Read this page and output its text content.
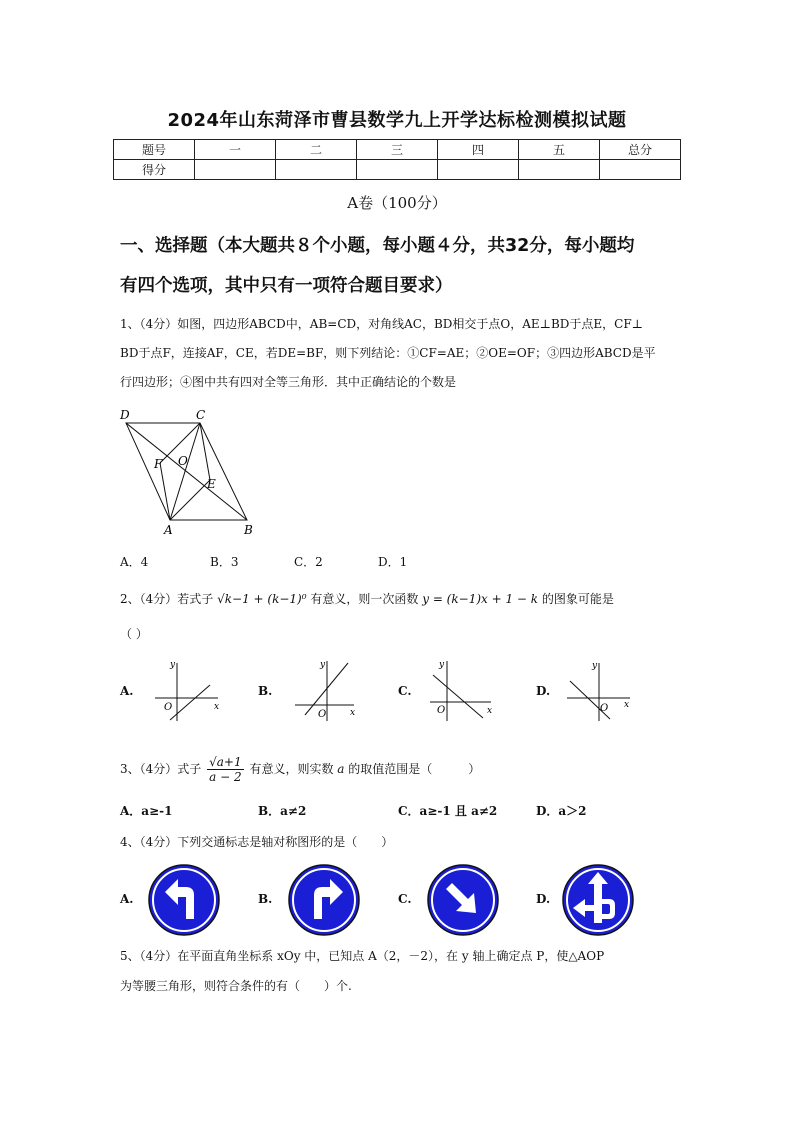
2024年山东菏泽市曹县数学九上开学达标检测模拟试题
题号	一	二	三	四	五	总分
得分						
A卷（100分）
一、选择题（本大题共８个小题，每小题４分，共32分，每小题均
有四个选项，其中只有一项符合题目要求）
1、（4分）如图，四边形ABCD中，AB=CD，对角线AC，BD相交于点O，AE⊥BD于点E，CF⊥
BD于点F，连接AF，CE，若DE=BF，则下列结论：①CF=AE；②OE=OF；③四边形ABCD是平
行四边形；④图中共有四对全等三角形．其中正确结论的个数是
D	C
F O
E
A	B
A．4	B．3	C．2	D．1
2、（4分）若式子 √k−1 + (k−1)⁰ 有意义，则一次函数 y = (k−1)x + 1 − k 的图象可能是
（ ）
A.
y
x
O
B.
y
x
O
C.
y
x
O
D.
y
x
O
3、（4分）式子 $\frac{√a+1}{a - 2}$ 有意义，则实数 a 的取值范围是（　　　）
A．a≥-1	B．a≠2	C．a≥-1 且 a≠2	D．a＞2
4、（4分）下列交通标志是轴对称图形的是（　　）
A.	B.	C.	D.
5、（4分）在平面直角坐标系 xOy 中，已知点 A（2，－2），在 y 轴上确定点 P，使△AOP
为等腰三角形，则符合条件的有（　　）个.
